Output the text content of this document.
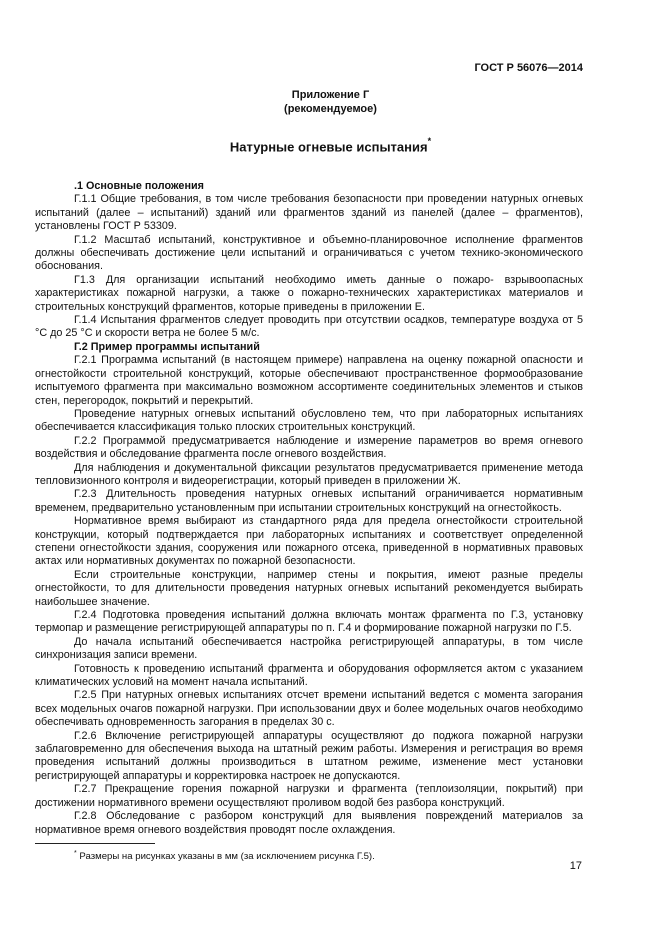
ГОСТ Р 56076—2014
Приложение Г
(рекомендуемое)
Натурные огневые испытания*

.1 Основные положения

Г.1.1 Общие требования, в том числе требования безопасности при проведении натурных огневых испытаний (далее – испытаний) зданий или фрагментов зданий из панелей (далее – фрагментов), установлены ГОСТ Р 53309.

Г.1.2 Масштаб испытаний, конструктивное и объемно-планировочное исполнение фрагментов должны обеспечивать достижение цели испытаний и ограничиваться с учетом технико-экономического обоснования.

Г1.3 Для организации испытаний необходимо иметь данные о пожаро- взрывоопасных характеристиках пожарной нагрузки, а также о пожарно-технических характеристиках материалов и строительных конструкций фрагментов, которые приведены в приложении Е.

Г.1.4 Испытания фрагментов следует проводить при отсутствии осадков, температуре воздуха от 5 °С до 25 °С и скорости ветра не более 5 м/с.

Г.2 Пример программы испытаний

Г.2.1 Программа испытаний (в настоящем примере) направлена на оценку пожарной опасности и огнестойкости строительной конструкций, которые обеспечивают пространственное формообразование испытуемого фрагмента при максимально возможном ассортименте соединительных элементов и стыков стен, перегородок, покрытий и перекрытий.

Проведение натурных огневых испытаний обусловлено тем, что при лабораторных испытаниях обеспечивается классификация только плоских строительных конструкций.

Г.2.2 Программой предусматривается наблюдение и измерение параметров во время огневого воздействия и обследование фрагмента после огневого воздействия.

Для наблюдения и документальной фиксации результатов предусматривается применение метода тепловизионного контроля и видеорегистрации, который приведен в приложении Ж.

Г.2.3 Длительность проведения натурных огневых испытаний ограничивается нормативным временем, предварительно установленным при испытании строительных конструкций на огнестойкость.

Нормативное время выбирают из стандартного ряда для предела огнестойкости строительной конструкции, который подтверждается при лабораторных испытаниях и соответствует определенной степени огнестойкости здания, сооружения или пожарного отсека, приведенной в нормативных правовых актах или нормативных документах по пожарной безопасности.

Если строительные конструкции, например стены и покрытия, имеют разные пределы огнестойкости, то для длительности проведения натурных огневых испытаний рекомендуется выбирать наибольшее значение.

Г.2.4 Подготовка проведения испытаний должна включать монтаж фрагмента по Г.3, установку термопар и размещение регистрирующей аппаратуры по п. Г.4 и формирование пожарной нагрузки по Г.5.

До начала испытаний обеспечивается настройка регистрирующей аппаратуры, в том числе синхронизация записи времени.

Готовность к проведению испытаний фрагмента и оборудования оформляется актом с указанием климатических условий на момент начала испытаний.

Г.2.5 При натурных огневых испытаниях отсчет времени испытаний ведется с момента загорания всех модельных очагов пожарной нагрузки. При использовании двух и более модельных очагов необходимо обеспечивать одновременность загорания в пределах 30 с.

Г.2.6 Включение регистрирующей аппаратуры осуществляют до поджога пожарной нагрузки заблаговременно для обеспечения выхода на штатный режим работы. Измерения и регистрация во время проведения испытаний должны производиться в штатном режиме, изменение мест установки регистрирующей аппаратуры и корректировка настроек не допускаются.

Г.2.7 Прекращение горения пожарной нагрузки и фрагмента (теплоизоляции, покрытий) при достижении нормативного времени осуществляют проливом водой без разбора конструкций.

Г.2.8 Обследование с разбором конструкций для выявления повреждений материалов за нормативное время огневого воздействия проводят после охлаждения.

* Размеры на рисунках указаны в мм (за исключением рисунка Г.5).
17
